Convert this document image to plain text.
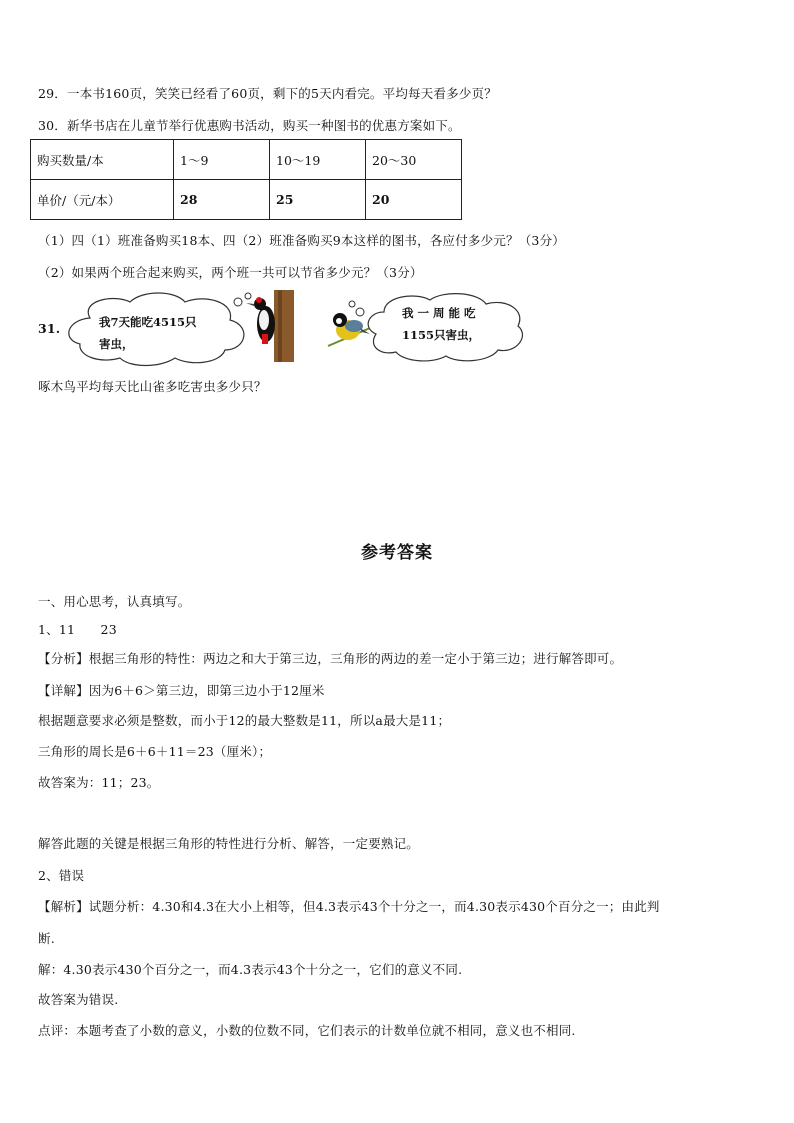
29．一本书160页，笑笑已经看了60页，剩下的5天内看完。平均每天看多少页？
30．新华书店在儿童节举行优惠购书活动，购买一种图书的优惠方案如下。
购买数量/本	1～9	10～19	20～30
单价/（元/本）	28	25	20
（1）四（1）班准备购买18本、四（2）班准备购买9本这样的图书，各应付多少元？（3分）
（2）如果两个班合起来购买，两个班一共可以节省多少元？（3分）
31.	我7天能吃4515只
害虫，
我 一 周 能 吃
1155只害虫，
啄木鸟平均每天比山雀多吃害虫多少只？
参考答案
一、用心思考，认真填写。
1、11　　23
【分析】根据三角形的特性：两边之和大于第三边，三角形的两边的差一定小于第三边；进行解答即可。
【详解】因为6＋6＞第三边，即第三边小于12厘米
根据题意要求必须是整数，而小于12的最大整数是11，所以a最大是11；
三角形的周长是6＋6＋11＝23（厘米）；
故答案为：11；23。
解答此题的关键是根据三角形的特性进行分析、解答，一定要熟记。
2、错误
【解析】试题分析：4.30和4.3在大小上相等，但4.3表示43个十分之一，而4.30表示430个百分之一；由此判
断.
解：4.30表示430个百分之一，而4.3表示43个十分之一，它们的意义不同.
故答案为错误.
点评：本题考查了小数的意义，小数的位数不同，它们表示的计数单位就不相同，意义也不相同.
